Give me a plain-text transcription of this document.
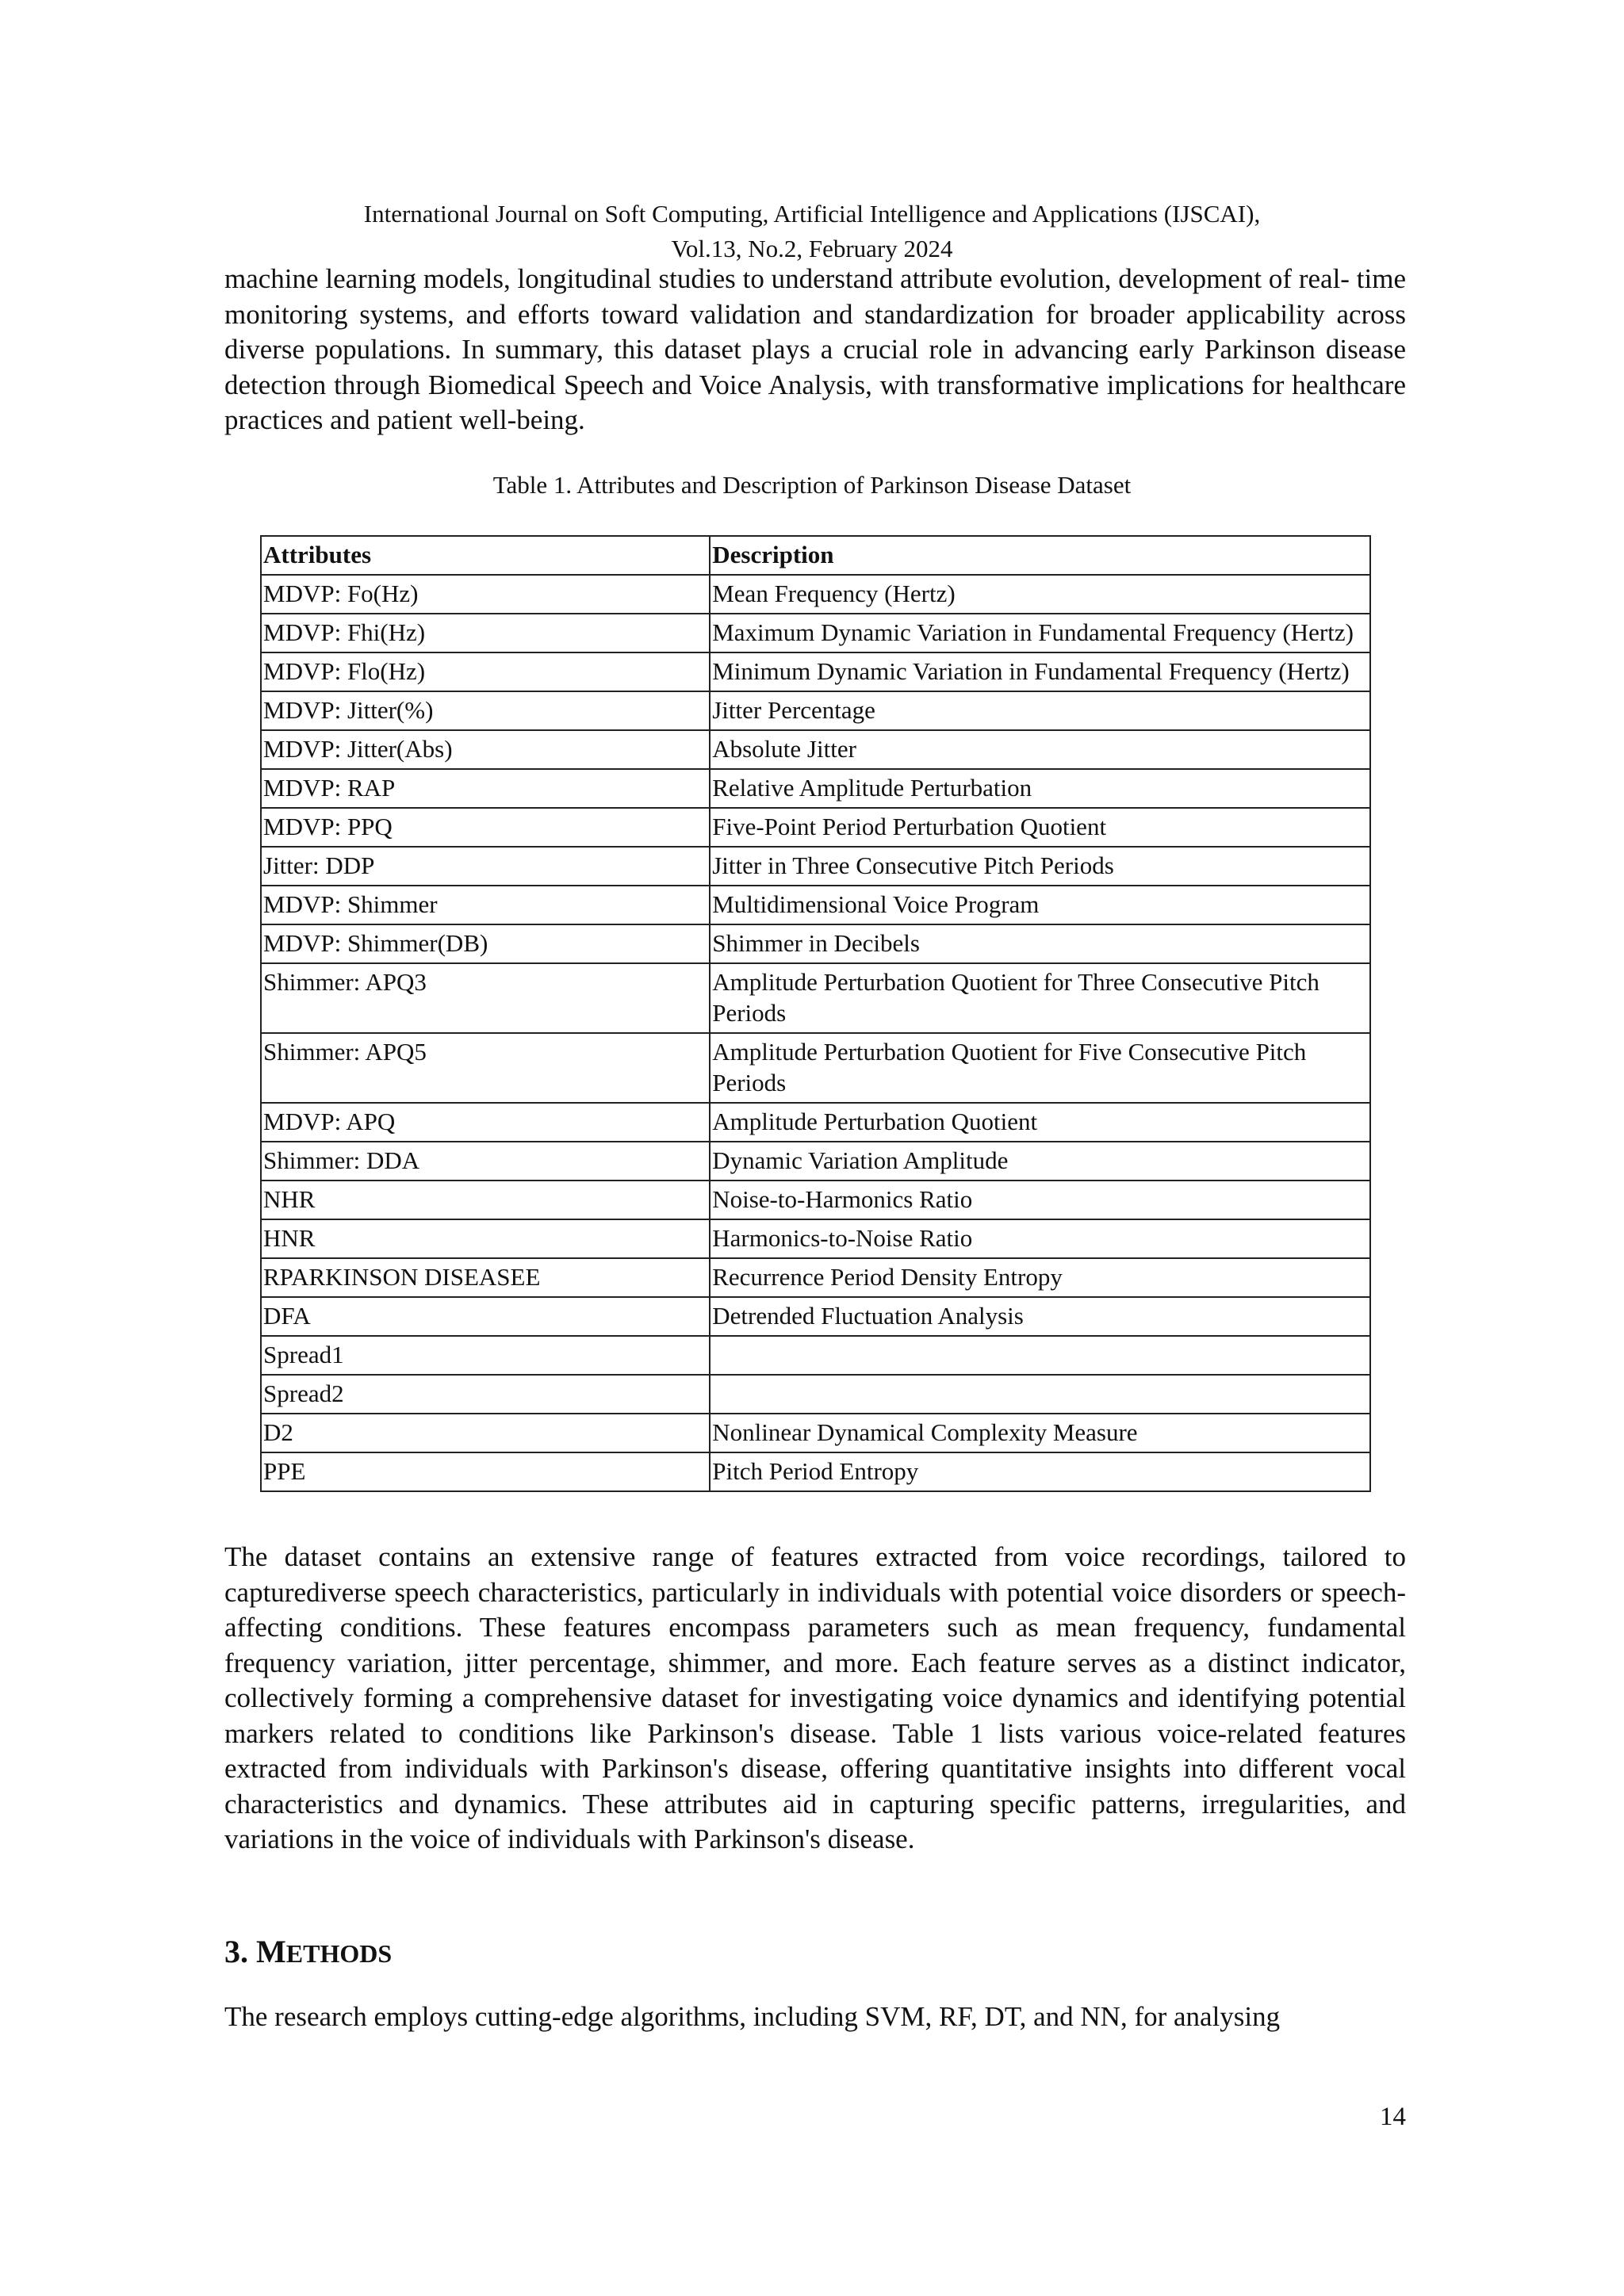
International Journal on Soft Computing, Artificial Intelligence and Applications (IJSCAI),
Vol.13, No.2, February 2024

machine learning models, longitudinal studies to understand attribute evolution, development of real- time monitoring systems, and efforts toward validation and standardization for broader applicability across diverse populations. In summary, this dataset plays a crucial role in advancing early Parkinson disease detection through Biomedical Speech and Voice Analysis, with transformative implications for healthcare practices and patient well-being.

Table 1. Attributes and Description of Parkinson Disease Dataset
Attributes	Description
MDVP: Fo(Hz)	Mean Frequency (Hertz)
MDVP: Fhi(Hz)	Maximum Dynamic Variation in Fundamental Frequency (Hertz)
MDVP: Flo(Hz)	Minimum Dynamic Variation in Fundamental Frequency (Hertz)
MDVP: Jitter(%)	Jitter Percentage
MDVP: Jitter(Abs)	Absolute Jitter
MDVP: RAP	Relative Amplitude Perturbation
MDVP: PPQ	Five-Point Period Perturbation Quotient
Jitter: DDP	Jitter in Three Consecutive Pitch Periods
MDVP: Shimmer	Multidimensional Voice Program
MDVP: Shimmer(DB)	Shimmer in Decibels
Shimmer: APQ3	Amplitude Perturbation Quotient for Three Consecutive Pitch Periods
Shimmer: APQ5	Amplitude Perturbation Quotient for Five Consecutive Pitch Periods
MDVP: APQ	Amplitude Perturbation Quotient
Shimmer: DDA	Dynamic Variation Amplitude
NHR	Noise-to-Harmonics Ratio
HNR	Harmonics-to-Noise Ratio
RPARKINSON DISEASEE	Recurrence Period Density Entropy
DFA	Detrended Fluctuation Analysis
Spread1	
Spread2	
D2	Nonlinear Dynamical Complexity Measure
PPE	Pitch Period Entropy

The dataset contains an extensive range of features extracted from voice recordings, tailored to capturediverse speech characteristics, particularly in individuals with potential voice disorders or speech- affecting conditions. These features encompass parameters such as mean frequency, fundamental frequency variation, jitter percentage, shimmer, and more. Each feature serves as a distinct indicator, collectively forming a comprehensive dataset for investigating voice dynamics and identifying potential markers related to conditions like Parkinson's disease. Table 1 lists various voice-related features extracted from individuals with Parkinson's disease, offering quantitative insights into different vocal characteristics and dynamics. These attributes aid in capturing specific patterns, irregularities, and variations in the voice of individuals with Parkinson's disease.

3. METHODS

The research employs cutting-edge algorithms, including SVM, RF, DT, and NN, for analysing

14
